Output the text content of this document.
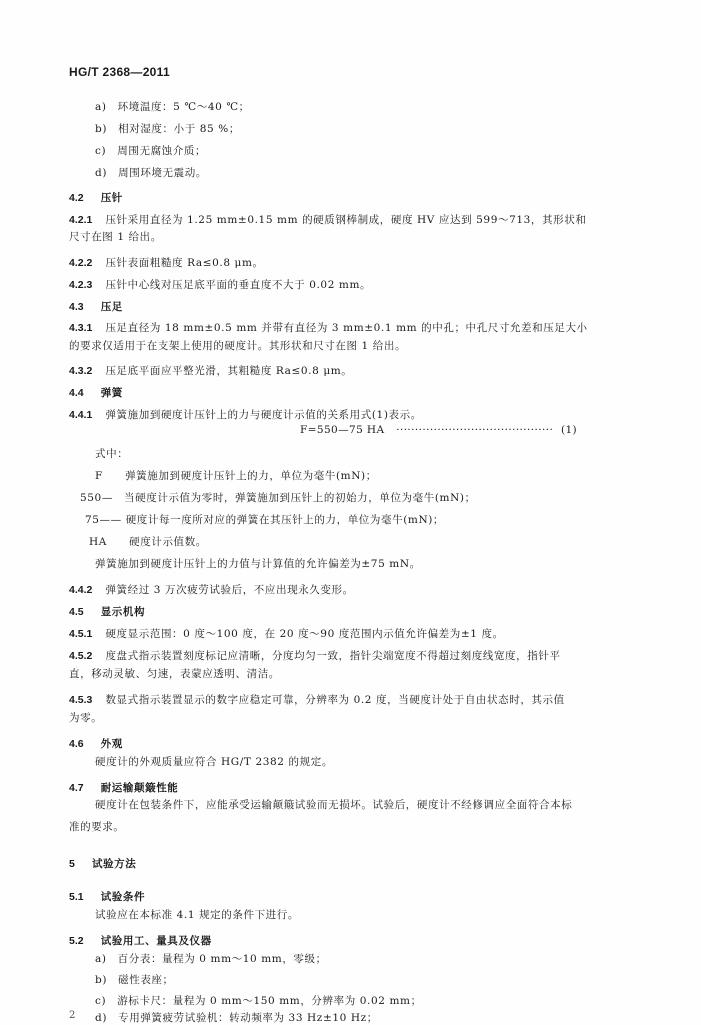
HG/T 2368—2011
a)　环境温度：5 ℃～40 ℃；
b)　相对湿度：小于 85 %；
c)　周围无腐蚀介质；
d)　周围环境无震动。
4.2 压针
4.2.1 压针采用直径为 1.25 mm±0.15 mm 的硬质钢棒制成，硬度 HV 应达到 599～713，其形状和
尺寸在图 1 给出。
4.2.2 压针表面粗糙度 Ra≤0.8 μm。
4.2.3 压针中心线对压足底平面的垂直度不大于 0.02 mm。
4.3 压足
4.3.1 压足直径为 18 mm±0.5 mm 并带有直径为 3 mm±0.1 mm 的中孔；中孔尺寸允差和压足大小
的要求仅适用于在支架上使用的硬度计。其形状和尺寸在图 1 给出。
4.3.2 压足底平面应平整光滑，其粗糙度 Ra≤0.8 μm。
4.4 弹簧
4.4.1 弹簧施加到硬度计压针上的力与硬度计示值的关系用式(1)表示。
F=550—75 HA ·········································· (1)
式中：
F　　弹簧施加到硬度计压针上的力，单位为毫牛(mN)；
550—　当硬度计示值为零时，弹簧施加到压针上的初始力，单位为毫牛(mN)；
75—— 硬度计每一度所对应的弹簧在其压针上的力，单位为毫牛(mN)；
HA　　硬度计示值数。
弹簧施加到硬度计压针上的力值与计算值的允许偏差为±75 mN。
4.4.2 弹簧经过 3 万次疲劳试验后，不应出现永久变形。
4.5 显示机构
4.5.1 硬度显示范围：0 度～100 度，在 20 度～90 度范围内示值允许偏差为±1 度。
4.5.2 度盘式指示装置刻度标记应清晰，分度均匀一致，指针尖端宽度不得超过刻度线宽度，指针平
直，移动灵敏、匀速，表蒙应透明、清洁。
4.5.3 数显式指示装置显示的数字应稳定可靠，分辨率为 0.2 度，当硬度计处于自由状态时，其示值
为零。
4.6 外观
硬度计的外观质量应符合 HG/T 2382 的规定。
4.7 耐运输颠簸性能
硬度计在包装条件下，应能承受运输颠簸试验而无损坏。试验后，硬度计不经修调应全面符合本标
准的要求。
5 试验方法
5.1 试验条件
试验应在本标准 4.1 规定的条件下进行。
5.2 试验用工、量具及仪器
a)　百分表：量程为 0 mm～10 mm，零级；
b)　磁性表座；
c)　游标卡尺：量程为 0 mm～150 mm，分辨率为 0.02 mm；
d)　专用弹簧疲劳试验机：转动频率为 33 Hz±10 Hz；
2
